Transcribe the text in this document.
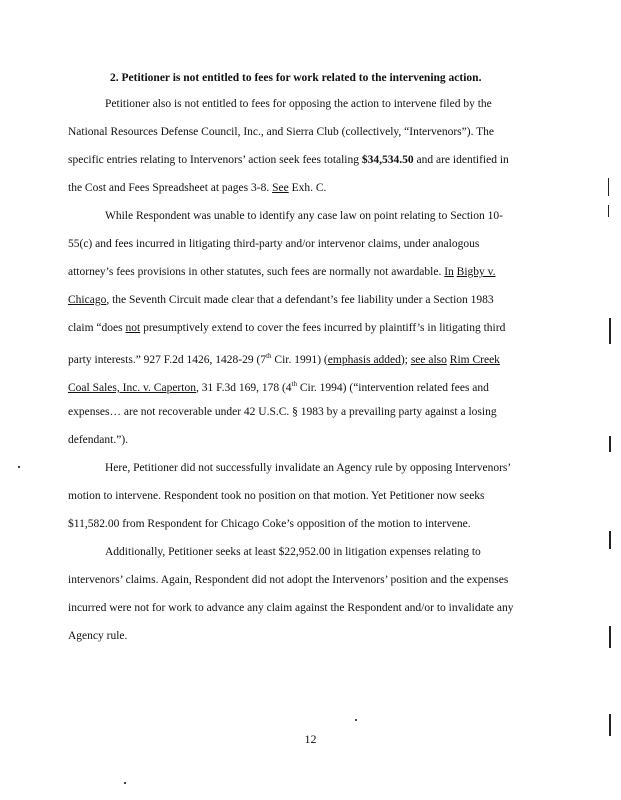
2. Petitioner is not entitled to fees for work related to the intervening action.
Petitioner also is not entitled to fees for opposing the action to intervene filed by the
National Resources Defense Council, Inc., and Sierra Club (collectively, “Intervenors”). The
specific entries relating to Intervenors’ action seek fees totaling $34,534.50 and are identified in
the Cost and Fees Spreadsheet at pages 3-8. See Exh. C.
While Respondent was unable to identify any case law on point relating to Section 10-
55(c) and fees incurred in litigating third-party and/or intervenor claims, under analogous
attorney’s fees provisions in other statutes, such fees are normally not awardable. In Bigby v.
Chicago, the Seventh Circuit made clear that a defendant’s fee liability under a Section 1983
claim “does not presumptively extend to cover the fees incurred by plaintiff’s in litigating third
party interests.” 927 F.2d 1426, 1428-29 (7th Cir. 1991) (emphasis added); see also Rim Creek
Coal Sales, Inc. v. Caperton, 31 F.3d 169, 178 (4th Cir. 1994) (“intervention related fees and
expenses… are not recoverable under 42 U.S.C. § 1983 by a prevailing party against a losing
defendant.”).
Here, Petitioner did not successfully invalidate an Agency rule by opposing Intervenors’
motion to intervene. Respondent took no position on that motion. Yet Petitioner now seeks
$11,582.00 from Respondent for Chicago Coke’s opposition of the motion to intervene.
Additionally, Petitioner seeks at least $22,952.00 in litigation expenses relating to
intervenors’ claims. Again, Respondent did not adopt the Intervenors’ position and the expenses
incurred were not for work to advance any claim against the Respondent and/or to invalidate any
Agency rule.
12
